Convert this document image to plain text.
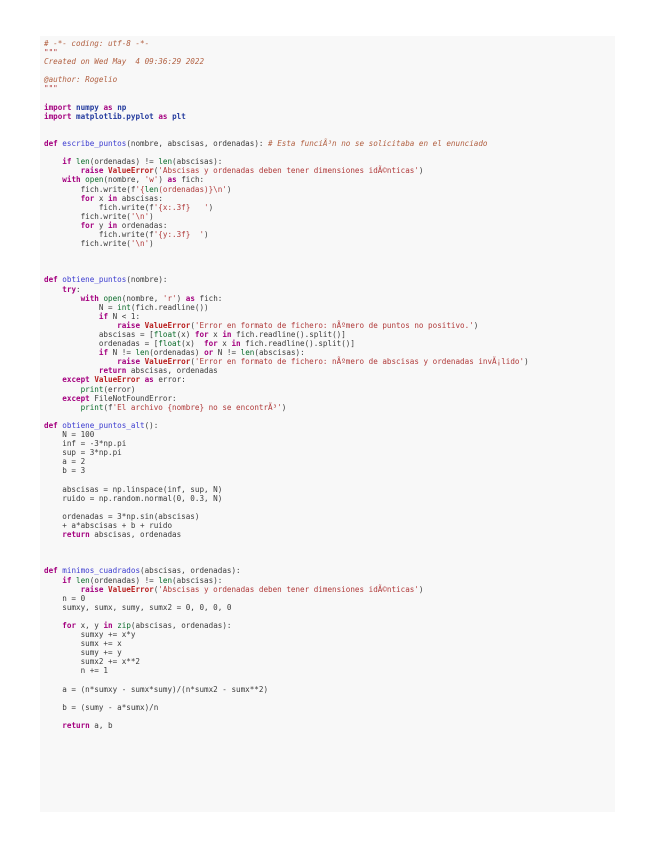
# -*- coding: utf-8 -*-
"""
Created on Wed May  4 09:36:29 2022
@author: Rogelio
"""
import numpy as np
import matplotlib.pyplot as plt
def escribe_puntos(nombre, abscisas, ordenadas): # Esta funciÃ³n no se solicitaba en el enunciado
if len(ordenadas) != len(abscisas):
raise ValueError('Abscisas y ordenadas deben tener dimensiones idÃ©nticas')
with open(nombre, 'w') as fich:
fich.write(f'{len(ordenadas)}\n')
for x in abscisas:
fich.write(f'{x:.3f}   ')
fich.write('\n')
for y in ordenadas:
fich.write(f'{y:.3f}  ')
fich.write('\n')
def obtiene_puntos(nombre):
try:
with open(nombre, 'r') as fich:
N = int(fich.readline())
if N < 1:
raise ValueError('Error en formato de fichero: nÃºmero de puntos no positivo.')
abscisas = [float(x) for x in fich.readline().split()]
ordenadas = [float(x)  for x in fich.readline().split()]
if N != len(ordenadas) or N != len(abscisas):
raise ValueError('Error en formato de fichero: nÃºmero de abscisas y ordenadas invÃ¡lido')
return abscisas, ordenadas
except ValueError as error:
print(error)
except FileNotFoundError:
print(f'El archivo {nombre} no se encontrÃ³')
def obtiene_puntos_alt():
N = 100
inf = -3*np.pi
sup = 3*np.pi
a = 2
b = 3
abscisas = np.linspace(inf, sup, N)
ruido = np.random.normal(0, 0.3, N)
ordenadas = 3*np.sin(abscisas)
+ a*abscisas + b + ruido
return abscisas, ordenadas
def minimos_cuadrados(abscisas, ordenadas):
if len(ordenadas) != len(abscisas):
raise ValueError('Abscisas y ordenadas deben tener dimensiones idÃ©nticas')
n = 0
sumxy, sumx, sumy, sumx2 = 0, 0, 0, 0
for x, y in zip(abscisas, ordenadas):
sumxy += x*y
sumx += x
sumy += y
sumx2 += x**2
n += 1
a = (n*sumxy - sumx*sumy)/(n*sumx2 - sumx**2)
b = (sumy - a*sumx)/n
return a, b
